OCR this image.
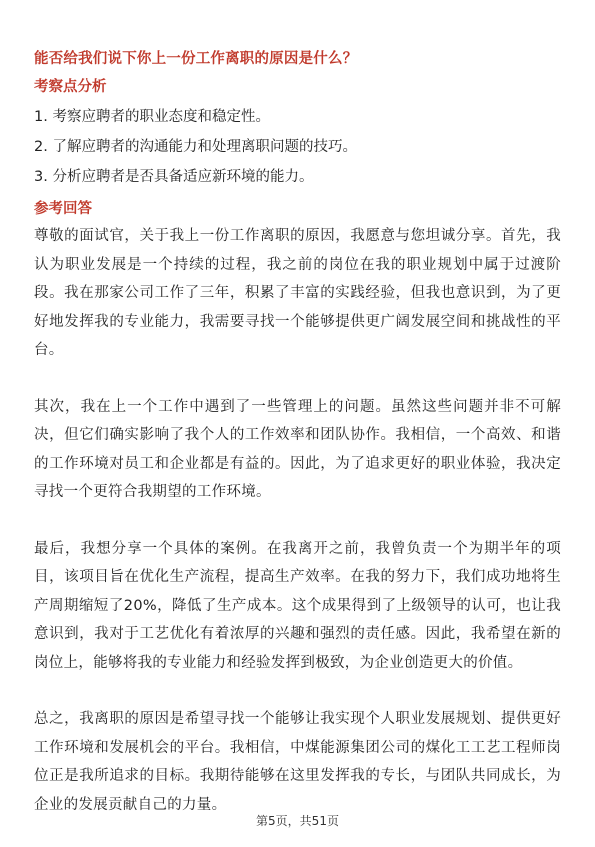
能否给我们说下你上一份工作离职的原因是什么？
考察点分析
1. 考察应聘者的职业态度和稳定性。
2. 了解应聘者的沟通能力和处理离职问题的技巧。
3. 分析应聘者是否具备适应新环境的能力。
参考回答

尊敬的面试官，关于我上一份工作离职的原因，我愿意与您坦诚分享。首先，我认为职业发展是一个持续的过程，我之前的岗位在我的职业规划中属于过渡阶段。我在那家公司工作了三年，积累了丰富的实践经验，但我也意识到，为了更好地发挥我的专业能力，我需要寻找一个能够提供更广阔发展空间和挑战性的平台。

其次，我在上一个工作中遇到了一些管理上的问题。虽然这些问题并非不可解决，但它们确实影响了我个人的工作效率和团队协作。我相信，一个高效、和谐的工作环境对员工和企业都是有益的。因此，为了追求更好的职业体验，我决定寻找一个更符合我期望的工作环境。

最后，我想分享一个具体的案例。在我离开之前，我曾负责一个为期半年的项目，该项目旨在优化生产流程，提高生产效率。在我的努力下，我们成功地将生产周期缩短了20%，降低了生产成本。这个成果得到了上级领导的认可，也让我意识到，我对于工艺优化有着浓厚的兴趣和强烈的责任感。因此，我希望在新的岗位上，能够将我的专业能力和经验发挥到极致，为企业创造更大的价值。

总之，我离职的原因是希望寻找一个能够让我实现个人职业发展规划、提供更好工作环境和发展机会的平台。我相信，中煤能源集团公司的煤化工工艺工程师岗位正是我所追求的目标。我期待能够在这里发挥我的专长，与团队共同成长，为企业的发展贡献自己的力量。

第5页，共51页
